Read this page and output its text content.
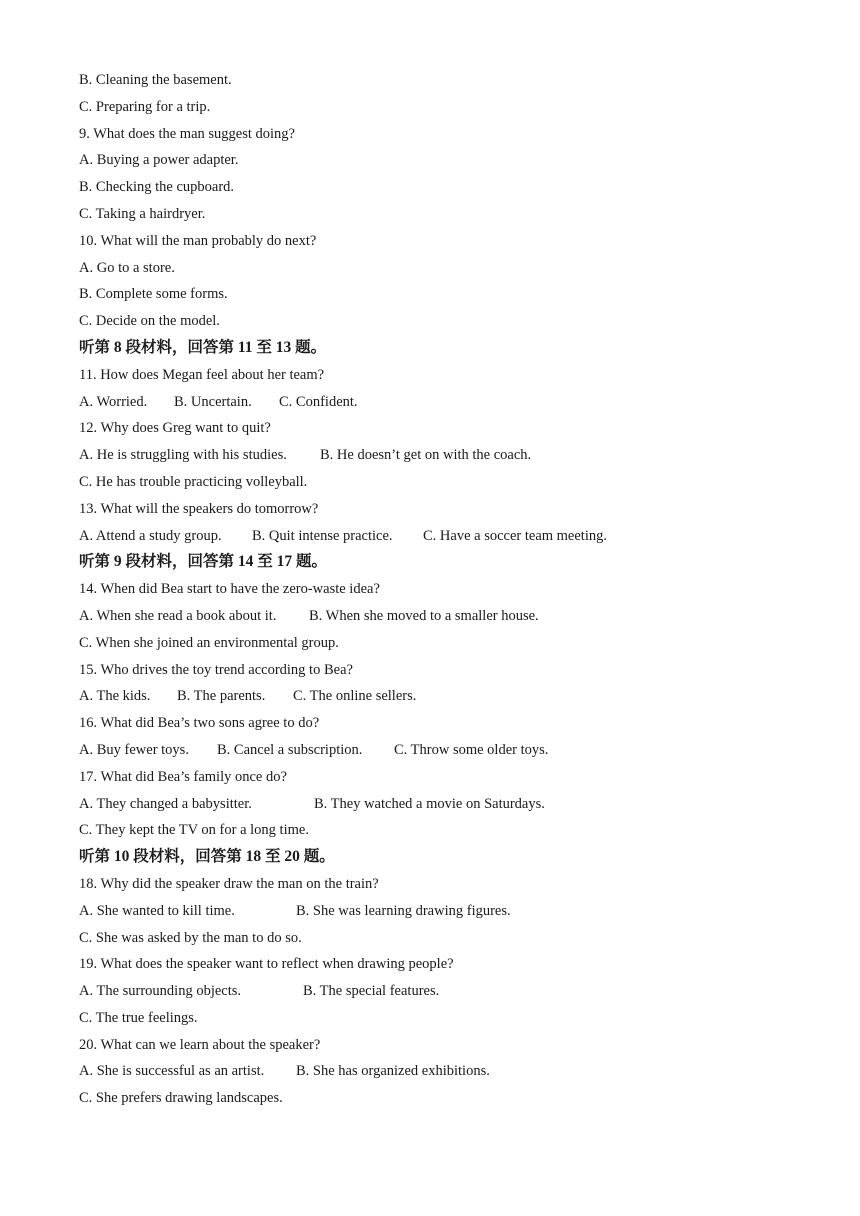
B. Cleaning the basement.
C. Preparing for a trip.
9. What does the man suggest doing?
A. Buying a power adapter.
B. Checking the cupboard.
C. Taking a hairdryer.
10. What will the man probably do next?
A. Go to a store.
B. Complete some forms.
C. Decide on the model.
听第 8 段材料，回答第 11 至 13 题。
11. How does Megan feel about her team?
A. Worried. B. Uncertain. C. Confident.
12. Why does Greg want to quit?
A. He is struggling with his studies. B. He doesn’t get on with the coach.
C. He has trouble practicing volleyball.
13. What will the speakers do tomorrow?
A. Attend a study group. B. Quit intense practice. C. Have a soccer team meeting.
听第 9 段材料，回答第 14 至 17 题。
14. When did Bea start to have the zero-waste idea?
A. When she read a book about it. B. When she moved to a smaller house.
C. When she joined an environmental group.
15. Who drives the toy trend according to Bea?
A. The kids. B. The parents. C. The online sellers.
16. What did Bea’s two sons agree to do?
A. Buy fewer toys. B. Cancel a subscription. C. Throw some older toys.
17. What did Bea’s family once do?
A. They changed a babysitter.	B. They watched a movie on Saturdays.
C. They kept the TV on for a long time.
听第 10 段材料，回答第 18 至 20 题。
18. Why did the speaker draw the man on the train?
A. She wanted to kill time.	B. She was learning drawing figures.
C. She was asked by the man to do so.
19. What does the speaker want to reflect when drawing people?
A. The surrounding objects.	B. The special features.
C. The true feelings.
20. What can we learn about the speaker?
A. She is successful as an artist. B. She has organized exhibitions.
C. She prefers drawing landscapes.
